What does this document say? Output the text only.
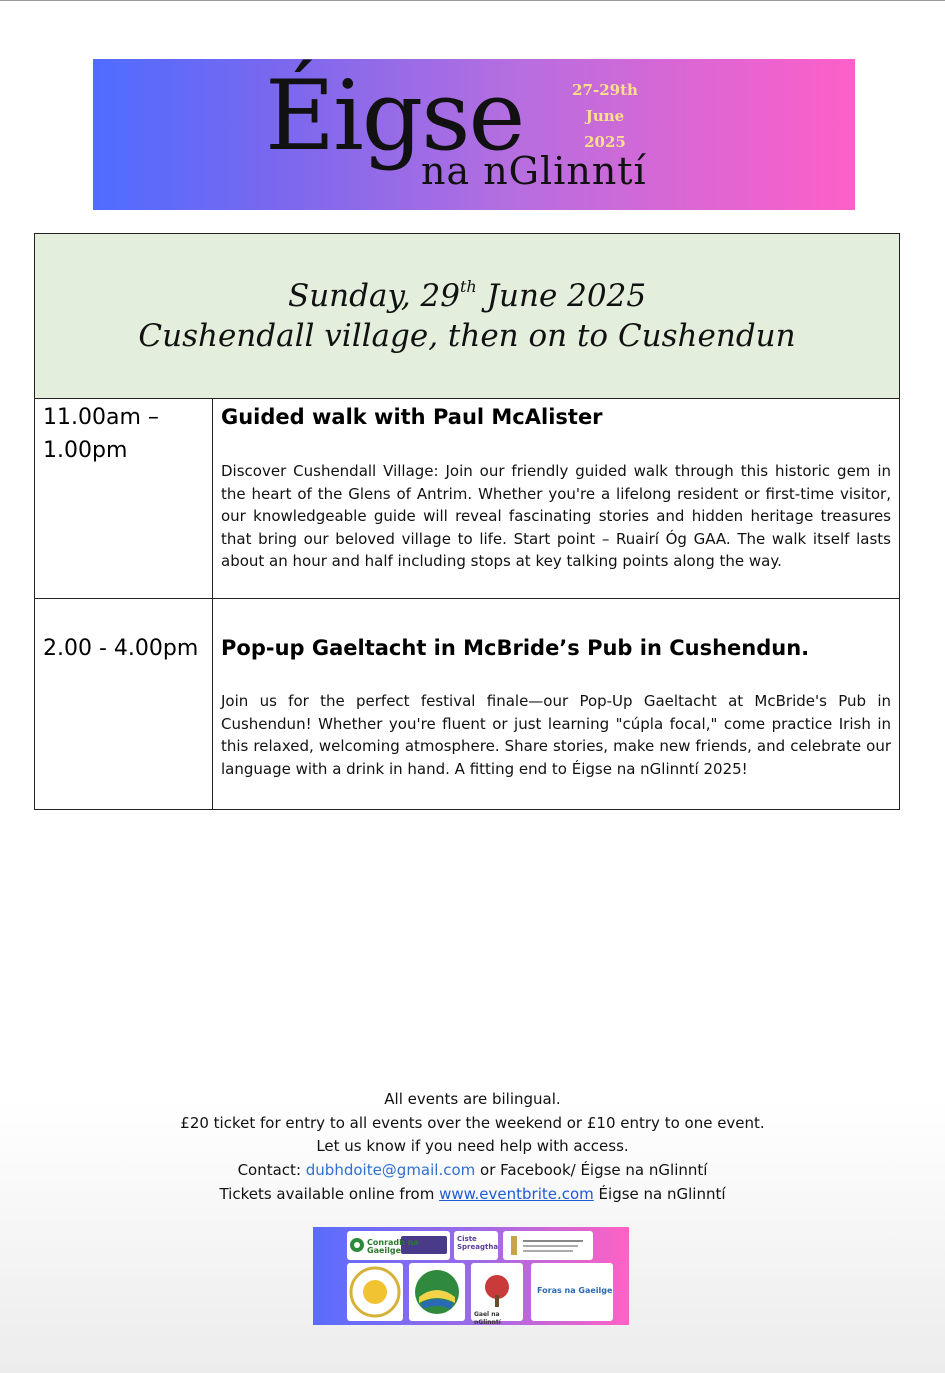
Éigse
na nGlinntí
27-29th
June
2025
Sunday, 29th June 2025
Cushendall village, then on to Cushendun
11.00am – 1.00pm
Guided walk with Paul McAlister
Discover Cushendall Village: Join our friendly guided walk through this historic gem in the heart of the Glens of Antrim. Whether you're a lifelong resident or first-time visitor, our knowledgeable guide will reveal fascinating stories and hidden heritage treasures that bring our beloved village to life. Start point – Ruairí Óg GAA. The walk itself lasts about an hour and half including stops at key talking points along the way.
2.00 - 4.00pm	Pop-up Gaeltacht in McBride’s Pub in Cushendun.
Join us for the perfect festival finale—our Pop-Up Gaeltacht at McBride's Pub in Cushendun! Whether you're fluent or just learning "cúpla focal," come practice Irish in this relaxed, welcoming atmosphere. Share stories, make new friends, and celebrate our language with a drink in hand. A fitting end to Éigse na nGlinntí 2025!
All events are bilingual.
£20 ticket for entry to all events over the weekend or £10 entry to one event.
Let us know if you need help with access.
Contact: dubhdoite@gmail.com or Facebook/ Éigse na nGlinntí
Tickets available online from www.eventbrite.com Éigse na nGlinntí
Conradh na Gaeilge
Ciste Spreagtha
Gael na nGlinntí
Foras na Gaeilge
